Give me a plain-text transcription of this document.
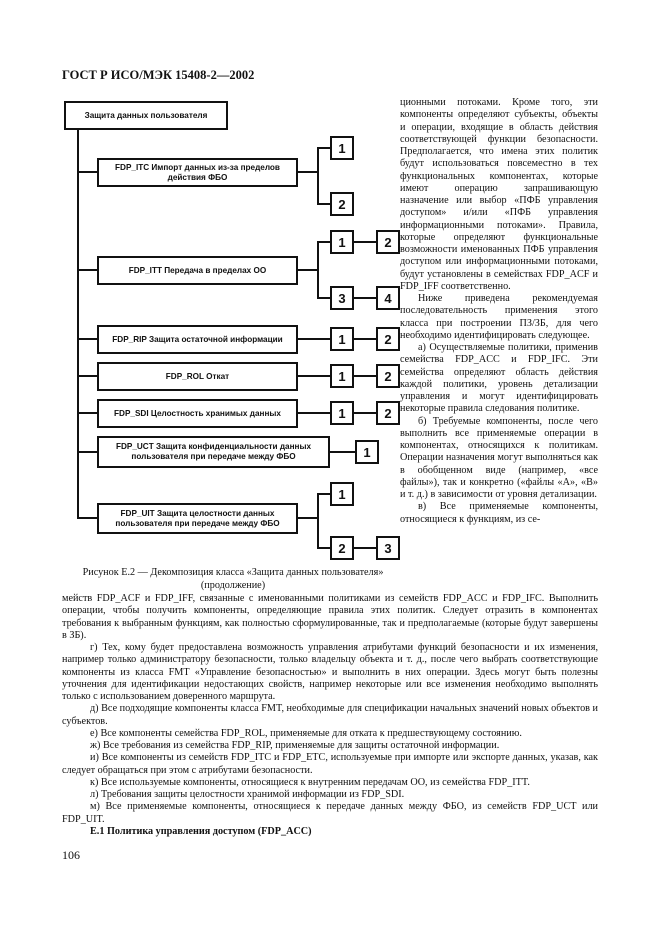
ГОСТ Р ИСО/МЭК 15408-2—2002
Защита данных пользователя
FDP_ITC Импорт данных из-за пределов действия ФБО
FDP_ITT Передача в пределах ОО
FDP_RIP Защита остаточной информации
FDP_ROL Откат
FDP_SDI Целостность хранимых данных
FDP_UCT Защита конфиденциальности данных пользователя при передаче между ФБО
FDP_UIT Защита целостности данных пользователя при передаче между ФБО
1
2
1	2
3	4
1	2
1	2
1	2
1
1
2	3

ционными потоками. Кроме того, эти компоненты определяют субъекты, объекты и операции, входящие в область действия соответствующей функции безопасности. Предполагается, что имена этих политик будут использоваться повсеместно в тех функциональных компонентах, которые имеют операцию запрашивающую назначение или выбор «ПФБ управления доступом» и/или «ПФБ управления информационными потоками». Правила, которые определяют функциональные возможности именованных ПФБ управления доступом или информационными потоками, будут установлены в семействах FDP_ACF и FDP_IFF соответственно.

Ниже приведена рекомендуемая последовательность применения этого класса при построении ПЗ/ЗБ, для чего необходимо идентифицировать следующее.

а) Осуществляемые политики, применив семейства FDP_ACC и FDP_IFC. Эти семейства определяют область действия каждой политики, уровень детализации управления и могут идентифицировать некоторые правила следования политике.

б) Требуемые компоненты, после чего выполнить все применяемые операции в компонентах, относящихся к политикам. Операции назначения могут выполняться как в обобщенном виде (например, «все файлы»), так и конкретно («файлы «А», «В» и т. д.) в зависимости от уровня детализации.

в) Все применяемые компоненты, относящиеся к функциям, из се-

Рисунок Е.2 — Декомпозиция класса «Защита данных пользователя»
(продолжение)

мейств FDP_ACF и FDP_IFF, связанные с именованными политиками из семейств FDP_ACC и FDP_IFC. Выполнить операции, чтобы получить компоненты, определяющие правила этих политик. Следует отразить в компонентах требования к выбранным функциям, как полностью сформулированные, так и предполагаемые (которые будут завершены в ЗБ).

г) Тех, кому будет предоставлена возможность управления атрибутами функций безопасности и их изменения, например только администратору безопасности, только владельцу объекта и т. д., после чего выбрать соответствующие компоненты из класса FMT «Управление безопасностью» и выполнить в них операции. Здесь могут быть полезны уточнения для идентификации недостающих свойств, например некоторые или все изменения необходимо выполнять только с использованием доверенного маршрута.

д) Все подходящие компоненты класса FMT, необходимые для спецификации начальных значений новых объектов и субъектов.

е) Все компоненты семейства FDP_ROL, применяемые для отката к предшествующему состоянию.

ж) Все требования из семейства FDP_RIP, применяемые для защиты остаточной информации.

и) Все компоненты из семейств FDP_ITC и FDP_ETC, используемые при импорте или экспорте данных, указав, как следует обращаться при этом с атрибутами безопасности.

к) Все используемые компоненты, относящиеся к внутренним передачам ОО, из семейства FDP_ITT.

л) Требования защиты целостности хранимой информации из FDP_SDI.

м) Все применяемые компоненты, относящиеся к передаче данных между ФБО, из семейств FDP_UCT или FDP_UIT.

Е.1 Политика управления доступом (FDP_ACC)

106
